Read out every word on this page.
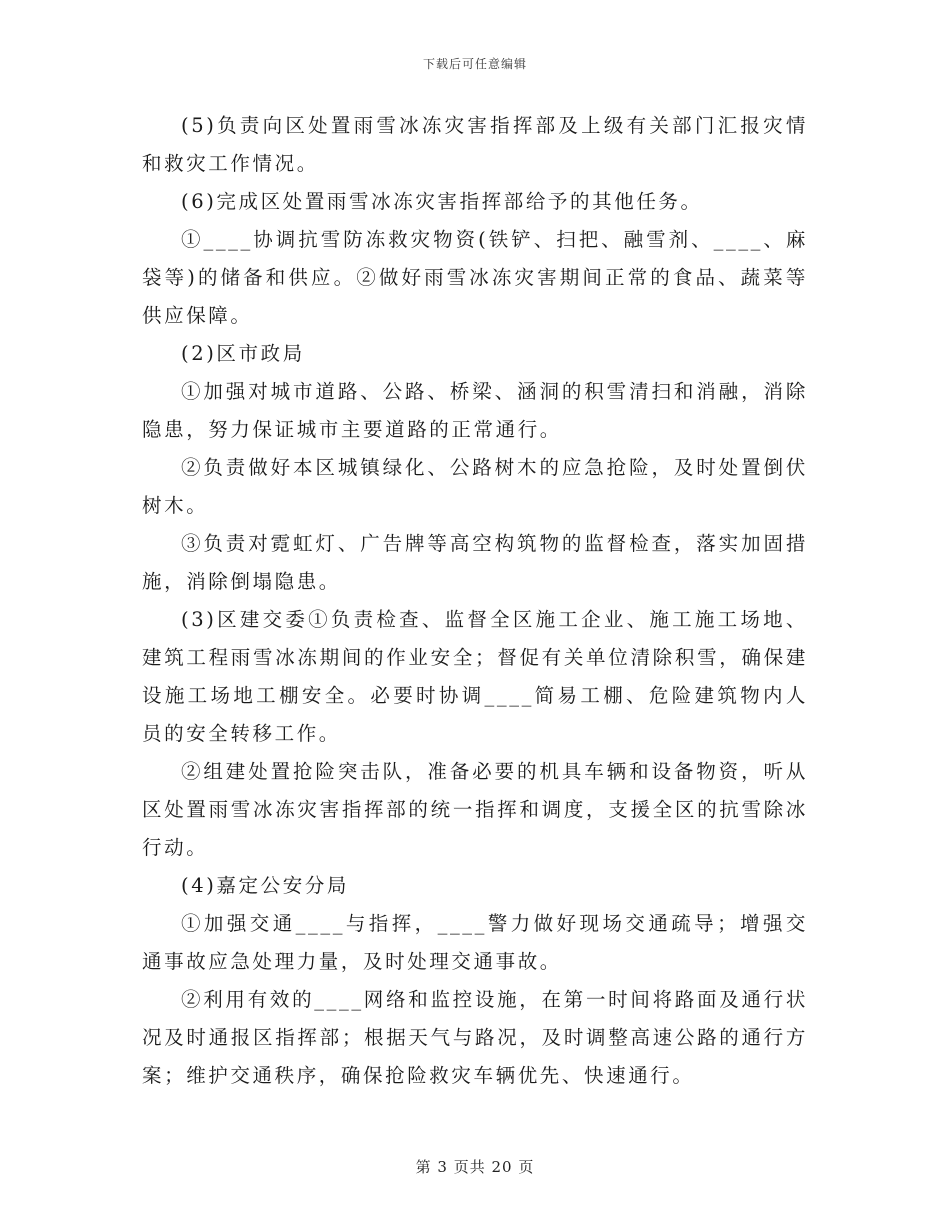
下载后可任意编辑

(5)负责向区处置雨雪冰冻灾害指挥部及上级有关部门汇报灾情和救灾工作情况。

(6)完成区处置雨雪冰冻灾害指挥部给予的其他任务。

①____协调抗雪防冻救灾物资(铁铲、扫把、融雪剂、____、麻袋等)的储备和供应。②做好雨雪冰冻灾害期间正常的食品、蔬菜等供应保障。

(2)区市政局

①加强对城市道路、公路、桥梁、涵洞的积雪清扫和消融，消除隐患，努力保证城市主要道路的正常通行。

②负责做好本区城镇绿化、公路树木的应急抢险，及时处置倒伏树木。

③负责对霓虹灯、广告牌等高空构筑物的监督检查，落实加固措施，消除倒塌隐患。

(3)区建交委①负责检查、监督全区施工企业、施工施工场地、建筑工程雨雪冰冻期间的作业安全；督促有关单位清除积雪，确保建设施工场地工棚安全。必要时协调____简易工棚、危险建筑物内人员的安全转移工作。

②组建处置抢险突击队，准备必要的机具车辆和设备物资，听从区处置雨雪冰冻灾害指挥部的统一指挥和调度，支援全区的抗雪除冰行动。

(4)嘉定公安分局

①加强交通____与指挥，____警力做好现场交通疏导；增强交通事故应急处理力量，及时处理交通事故。

②利用有效的____网络和监控设施，在第一时间将路面及通行状况及时通报区指挥部；根据天气与路况，及时调整高速公路的通行方案；维护交通秩序，确保抢险救灾车辆优先、快速通行。

第 3 页共 20 页
